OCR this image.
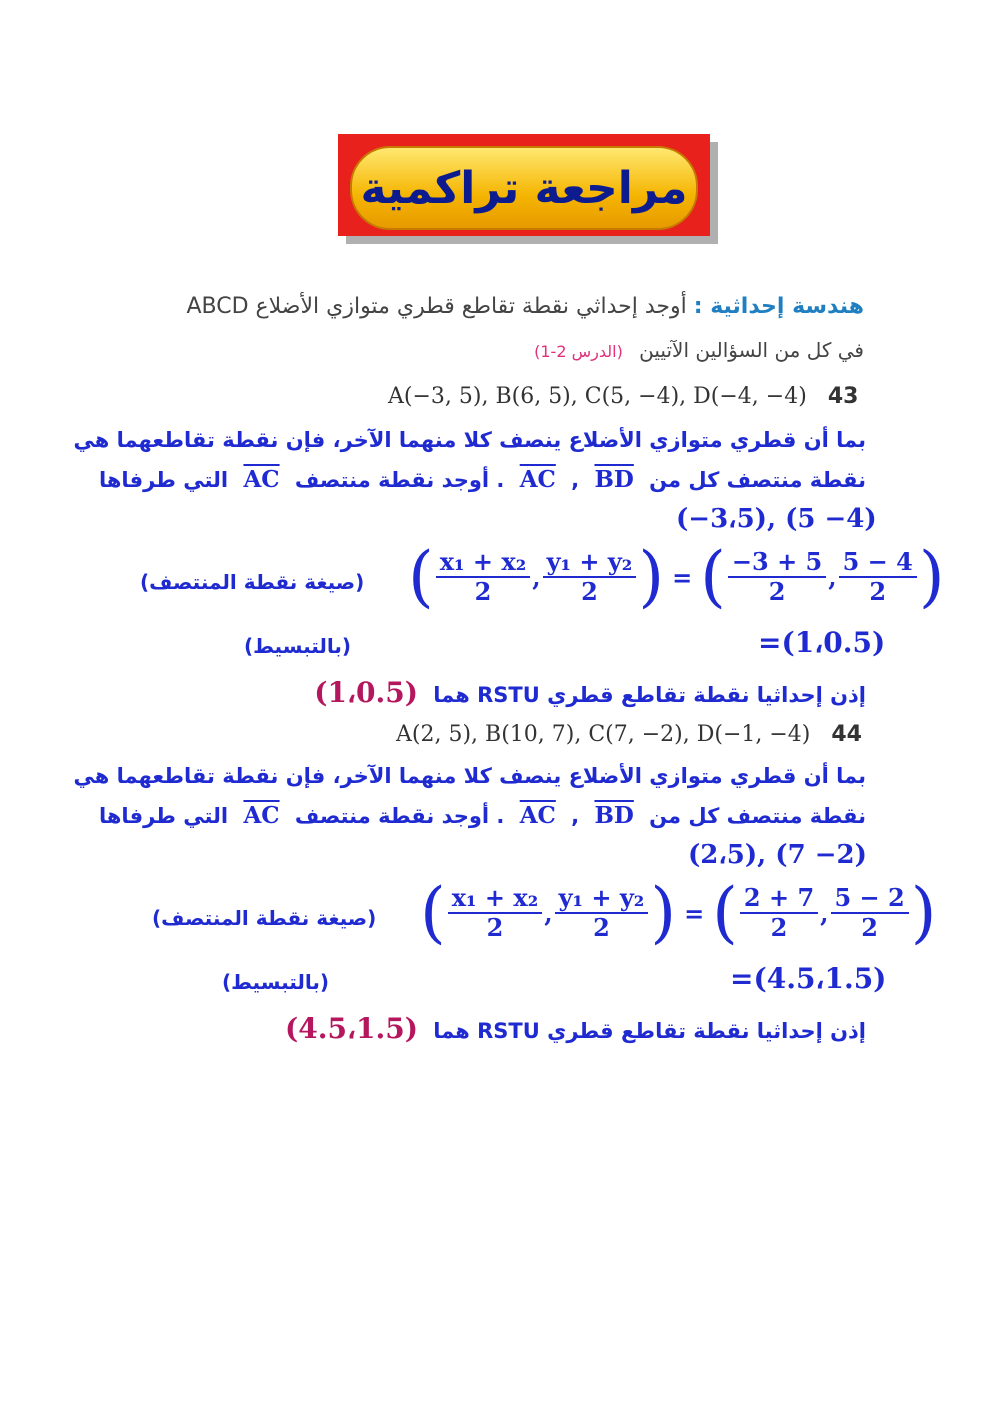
مراجعة تراكمية
هندسة إحداثية : أوجد إحداثي نقطة تقاطع قطري متوازي الأضلاع ABCD
في كل من السؤالين الآتيين (الدرس 2-1)
A(−3, 5), B(6, 5), C(5, −4), D(−4, −4) 43
بما أن قطري متوازي الأضلاع ينصف كلا منهما الآخر، فإن نقطة تقاطعهما هي
نقطة منتصف كل من $\overline{BD}$ , $\overline{AC}$ . أوجد نقطة منتصف $\overline{AC}$ التي طرفاها
(−3،5), (5 −4)
( $\frac{\text{x₁ + x₂}}{2}$ , $\frac{\text{y₁ + y₂}}{2}$ ) = ( $\frac{-3 + 5}{2}$ , $\frac{5 - 4}{2}$ )
(صيغة نقطة المنتصف)
(بالتبسيط)	=(1،0.5)
إذن إحداثيا نقطة تقاطع قطري RSTU هما (1،0.5)
A(2, 5), B(10, 7), C(7, −2), D(−1, −4) 44
بما أن قطري متوازي الأضلاع ينصف كلا منهما الآخر، فإن نقطة تقاطعهما هي
نقطة منتصف كل من $\overline{BD}$ , $\overline{AC}$ . أوجد نقطة منتصف $\overline{AC}$ التي طرفاها
(2،5), (7 −2)
( $\frac{\text{x₁ + x₂}}{2}$ , $\frac{\text{y₁ + y₂}}{2}$ ) = ( $\frac{2 + 7}{2}$ , $\frac{5 - 2}{2}$ )
(صيغة نقطة المنتصف)
(بالتبسيط)	=(4.5،1.5)
إذن إحداثيا نقطة تقاطع قطري RSTU هما (4.5،1.5)
